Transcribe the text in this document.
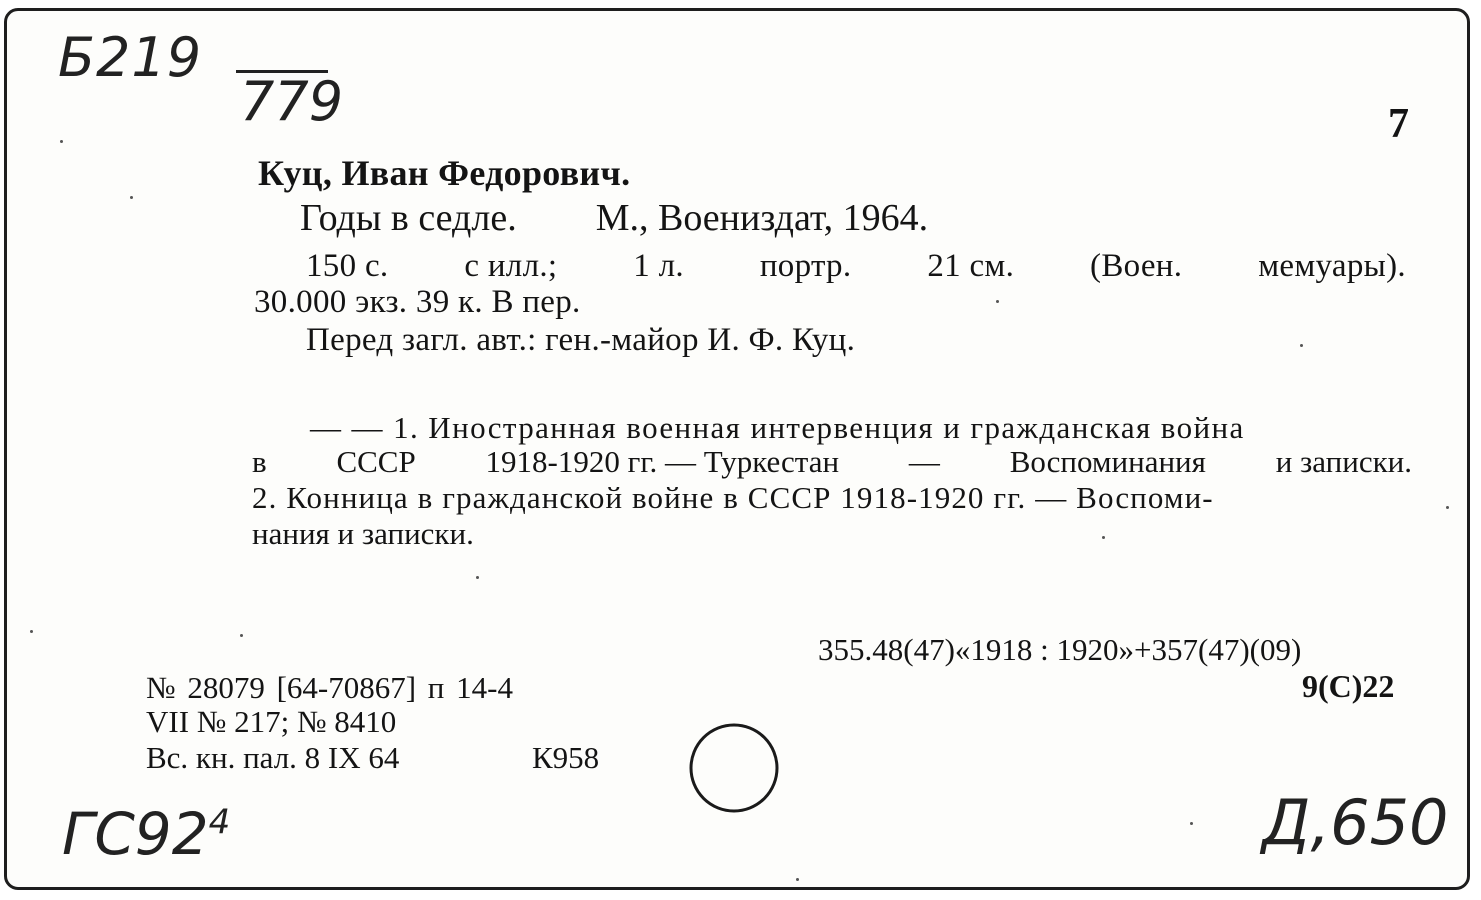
Б219
779	7
Куц, Иван Федорович.
Годы в седле. М., Воениздат, 1964.
150 с. с илл.; 1 л. портр. 21 см. (Воен. мемуары).
30.000 экз. 39 к. В пер.
Перед загл. авт.: ген.-майор И. Ф. Куц.
— — 1. Иностранная военная интервенция и гражданская война
в СССР 1918-1920 гг. — Туркестан — Воспоминания и записки.
2. Конница в гражданской войне в СССР 1918-1920 гг. — Воспоми-
нания и записки.
355.48(47)«1918 : 1920»+357(47)(09)
9(С)22
№ 28079 [64-70867] п 14-4
VII № 217; № 8410
Вс. кн. пал. 8 IX 64	К958
$ГС92^4$	Д,650
